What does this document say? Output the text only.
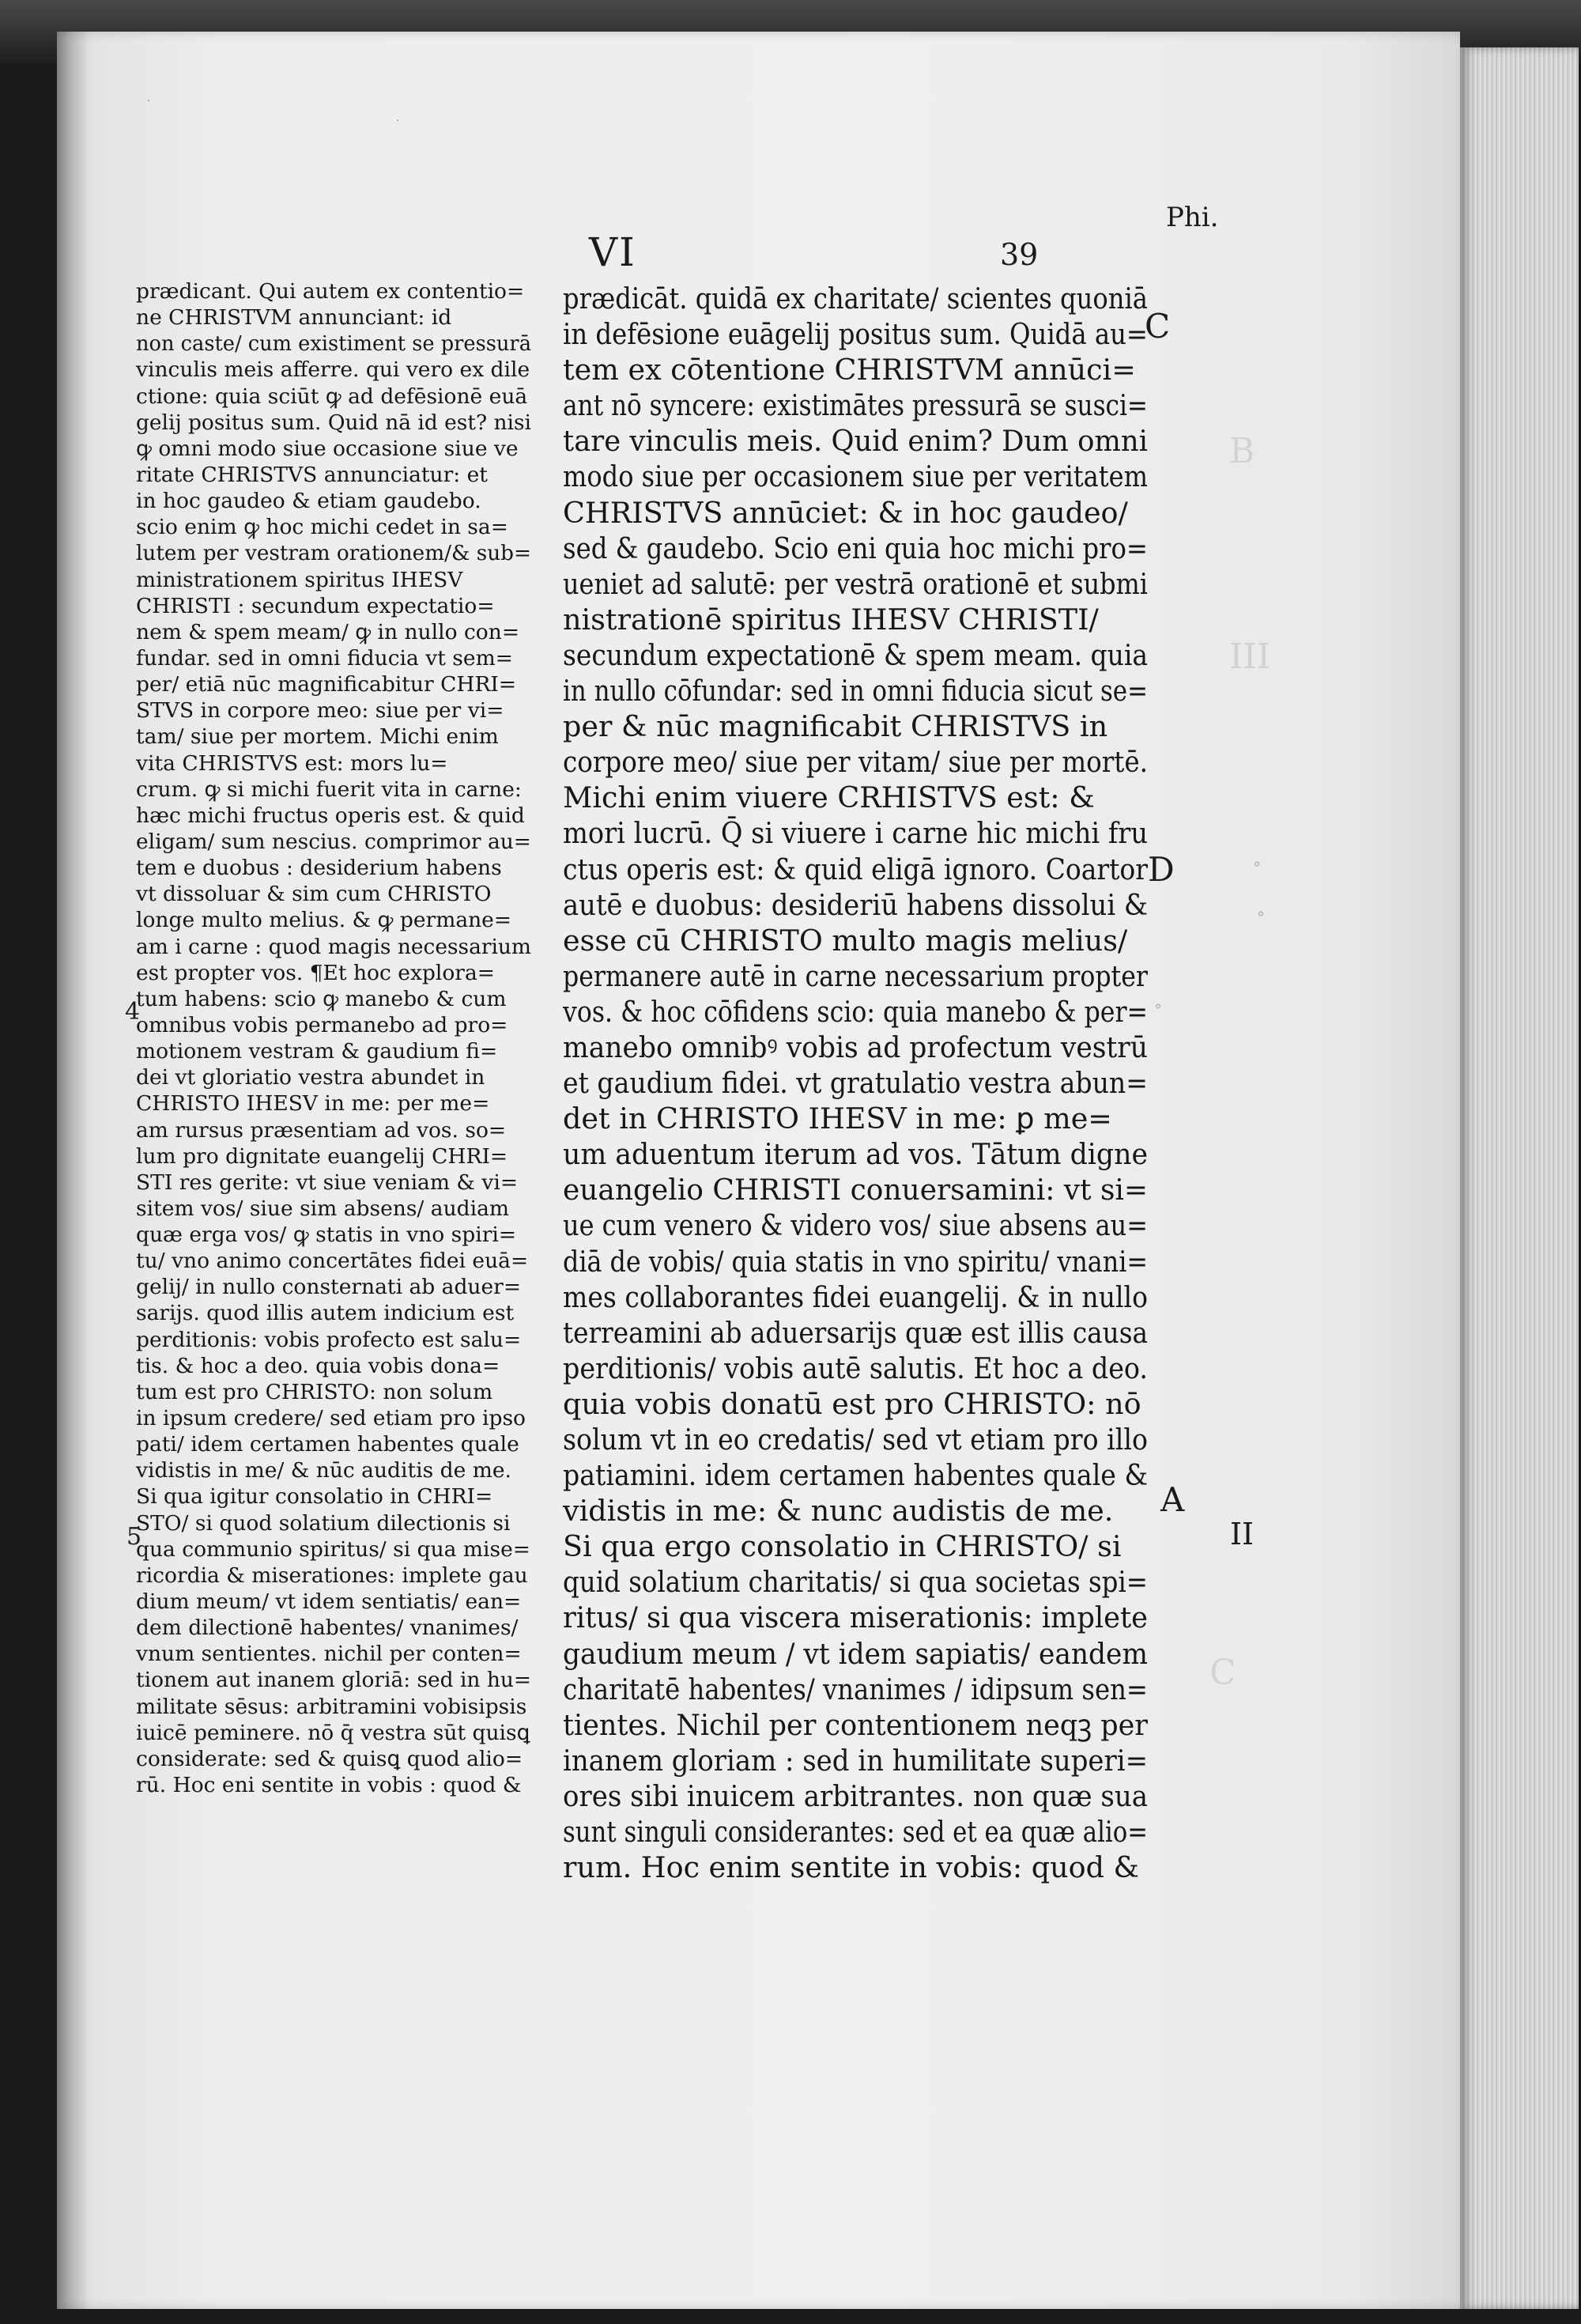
VI	39
Phi.
prædicant. Qui autem ex contentio=
ne CHRISTVM annunciant: id
non caste/ cum existiment se pressurā
vinculis meis afferre. qui vero ex dile
ctione: quia sciūt ꝙ ad defēsionē euā
gelij positus sum. Quid nā id est? nisi
ꝙ omni modo siue occasione siue ve
ritate CHRISTVS annunciatur: et
in hoc gaudeo & etiam gaudebo.
scio enim ꝙ hoc michi cedet in sa=
lutem per vestram orationem/& sub=
ministrationem spiritus IHESV
CHRISTI : secundum expectatio=
nem & spem meam/ ꝙ in nullo con=
fundar. sed in omni fiducia vt sem=
per/ etiā nūc magnificabitur CHRI=
STVS in corpore meo: siue per vi=
tam/ siue per mortem. Michi enim
vita CHRISTVS est: mors lu=
crum. ꝙ si michi fuerit vita in carne:
hæc michi fructus operis est. & quid
eligam/ sum nescius. comprimor au=
tem e duobus : desiderium habens
vt dissoluar & sim cum CHRISTO
longe multo melius. & ꝙ permane=
am i carne : quod magis necessarium
est propter vos. ¶Et hoc explora=
tum habens: scio ꝙ manebo & cum
omnibus vobis permanebo ad pro=
motionem vestram & gaudium fi=
dei vt gloriatio vestra abundet in
CHRISTO IHESV in me: per me=
am rursus præsentiam ad vos. so=
lum pro dignitate euangelij CHRI=
STI res gerite: vt siue veniam & vi=
sitem vos/ siue sim absens/ audiam
quæ erga vos/ ꝙ statis in vno spiri=
tu/ vno animo concertātes fidei euā=
gelij/ in nullo consternati ab aduer=
sarijs. quod illis autem indicium est
perditionis: vobis profecto est salu=
tis. & hoc a deo. quia vobis dona=
tum est pro CHRISTO: non solum
in ipsum credere/ sed etiam pro ipso
pati/ idem certamen habentes quale
vidistis in me/ & nūc auditis de me.
Si qua igitur consolatio in CHRI=
STO/ si quod solatium dilectionis si
qua communio spiritus/ si qua mise=
ricordia & miserationes: implete gau
dium meum/ vt idem sentiatis/ ean=
dem dilectionē habentes/ vnanimes/
vnum sentientes. nichil per conten=
tionem aut inanem gloriā: sed in hu=
militate sēsus: arbitramini vobisipsis
iuicē peminere. nō q̄ vestra sūt quisꝗ
considerate: sed & quisꝗ quod alio=
rū. Hoc eni sentite in vobis : quod &
prædicāt. quidā ex charitate/ scientes quoniā
in defēsione euāgelij positus sum. Quidā au=
tem ex cōtentione CHRISTVM annūci=
ant nō syncere: existimātes pressurā se susci=
tare vinculis meis. Quid enim? Dum omni
modo siue per occasionem siue per veritatem
CHRISTVS annūciet: & in hoc gaudeo/
sed & gaudebo. Scio eni quia hoc michi pro=
ueniet ad salutē: per vestrā orationē et submi
nistrationē spiritus IHESV CHRISTI/
secundum expectationē & spem meam. quia
in nullo cōfundar: sed in omni fiducia sicut se=
per & nūc magnificabit CHRISTVS in
corpore meo/ siue per vitam/ siue per mortē.
Michi enim viuere CRHISTVS est: &
mori lucrū. Q̄ si viuere i carne hic michi fru
ctus operis est: & quid eligā ignoro. Coartor
autē e duobus: desideriū habens dissolui &
esse cū CHRISTO multo magis melius/
permanere autē in carne necessarium propter
vos. & hoc cōfidens scio: quia manebo & per=
manebo omnibꝰ vobis ad profectum vestrū
et gaudium fidei. vt gratulatio vestra abun=
det in CHRISTO IHESV in me: ꝑ me=
um aduentum iterum ad vos. Tātum digne
euangelio CHRISTI conuersamini: vt si=
ue cum venero & videro vos/ siue absens au=
diā de vobis/ quia statis in vno spiritu/ vnani=
mes collaborantes fidei euangelij. & in nullo
terreamini ab aduersarijs quæ est illis causa
perditionis/ vobis autē salutis. Et hoc a deo.
quia vobis donatū est pro CHRISTO: nō
solum vt in eo credatis/ sed vt etiam pro illo
patiamini. idem certamen habentes quale &
vidistis in me: & nunc audistis de me.
Si qua ergo consolatio in CHRISTO/ si
quid solatium charitatis/ si qua societas spi=
ritus/ si qua viscera miserationis: implete
gaudium meum / vt idem sapiatis/ eandem
charitatē habentes/ vnanimes / idipsum sen=
tientes. Nichil per contentionem neqꝫ per
inanem gloriam : sed in humilitate superi=
ores sibi inuicem arbitrantes. non quæ sua
sunt singuli considerantes: sed et ea quæ alio=
rum. Hoc enim sentite in vobis: quod &
C
D
A
II
4
5
B
III
C
°
°
°
·
·
